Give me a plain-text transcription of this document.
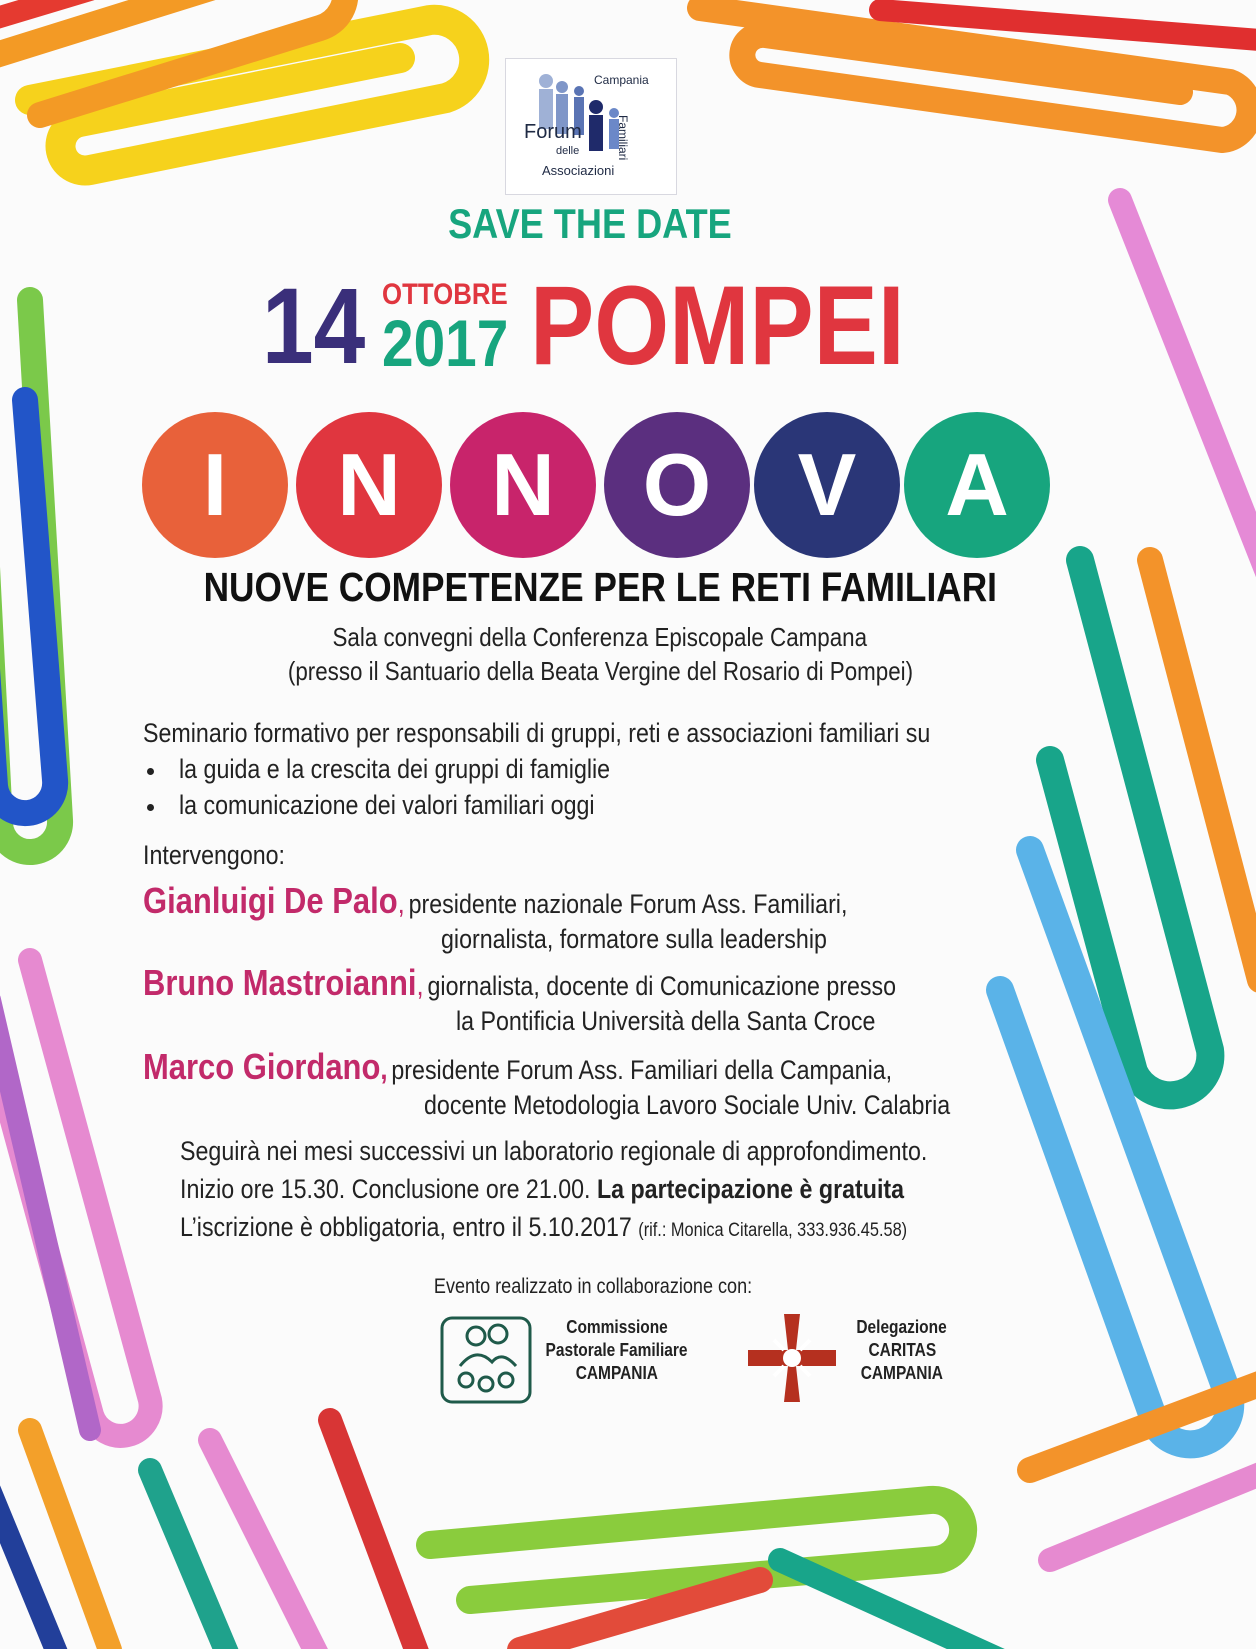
Campania
Forum
delle
Associazioni
Familiari
SAVE THE DATE
14 OTTOBRE
2017 POMPEI
I N N O V A
NUOVE COMPETENZE PER LE RETI FAMILIARI
Sala convegni della Conferenza Episcopale Campana
(presso il Santuario della Beata Vergine del Rosario di Pompei)
Seminario formativo per responsabili di gruppi, reti e associazioni familiari su
la guida e la crescita dei gruppi di famiglie
la comunicazione dei valori familiari oggi
Intervengono:
Gianluigi De Palo, presidente nazionale Forum Ass. Familiari,
giornalista, formatore sulla leadership
Bruno Mastroianni, giornalista, docente di Comunicazione presso
la Pontificia Università della Santa Croce
Marco Giordano, presidente Forum Ass. Familiari della Campania,
docente Metodologia Lavoro Sociale Univ. Calabria
Seguirà nei mesi successivi un laboratorio regionale di approfondimento.
Inizio ore 15.30. Conclusione ore 21.00. La partecipazione è gratuita
L’iscrizione è obbligatoria, entro il 5.10.2017 (rif.: Monica Citarella, 333.936.45.58)
Evento realizzato in collaborazione con:
Commissione
Pastorale Familiare
CAMPANIA
Delegazione
CARITAS
CAMPANIA
